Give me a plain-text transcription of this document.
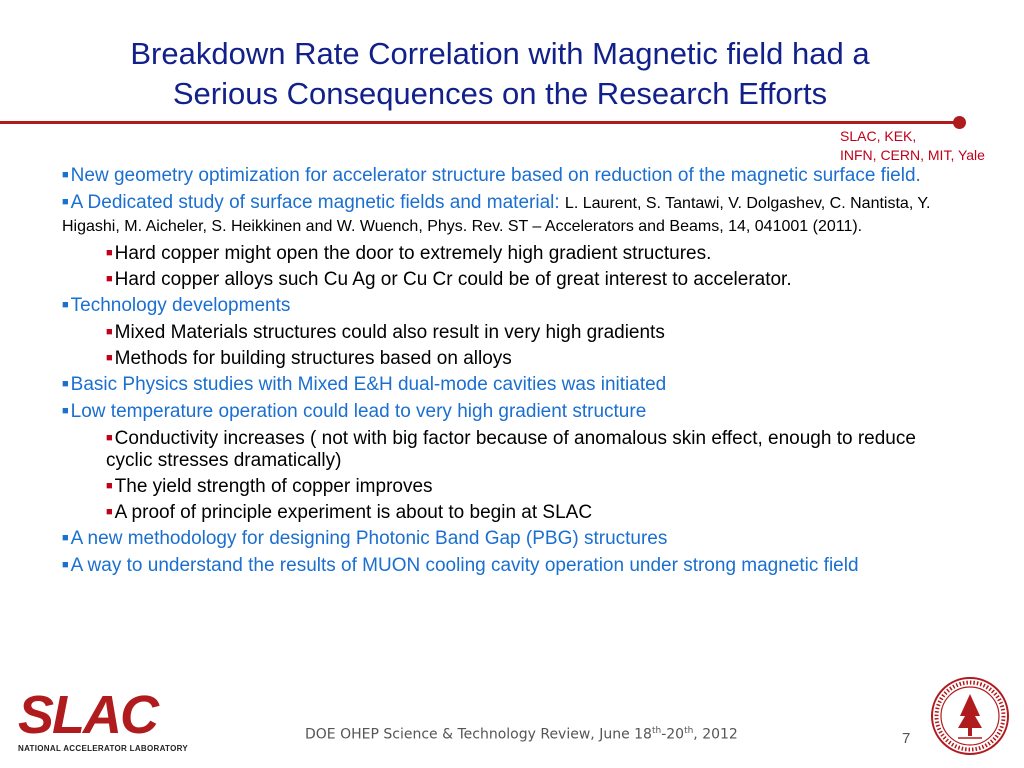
Breakdown Rate Correlation with Magnetic field had a
Serious Consequences on the Research Efforts
SLAC, KEK,
INFN, CERN, MIT, Yale
■ New geometry optimization for accelerator structure based on reduction of the magnetic surface field.
■ A Dedicated study of surface magnetic fields and material: L. Laurent, S. Tantawi, V. Dolgashev, C. Nantista, Y. Higashi, M. Aicheler, S. Heikkinen and W. Wuench, Phys. Rev. ST – Accelerators and Beams, 14, 041001 (2011).
■ Hard copper might open the door to extremely high gradient structures.
■ Hard copper alloys such Cu Ag or Cu Cr could be of great interest to accelerator.
■ Technology developments
■ Mixed Materials structures could also result in very high gradients
■ Methods for building structures based on alloys
■ Basic Physics studies with Mixed E&H dual-mode cavities was initiated
■ Low temperature operation could lead to very high gradient structure
■ Conductivity increases ( not with big factor because of anomalous skin effect, enough to reduce cyclic stresses dramatically)
■ The yield strength of copper improves
■ A proof of principle experiment is about to begin at SLAC
■ A new methodology for designing Photonic Band Gap (PBG) structures
■ A way to understand the results of MUON cooling cavity operation under strong magnetic field
SLAC
NATIONAL ACCELERATOR LABORATORY
DOE OHEP Science & Technology Review, June 18th-20th, 2012	7
